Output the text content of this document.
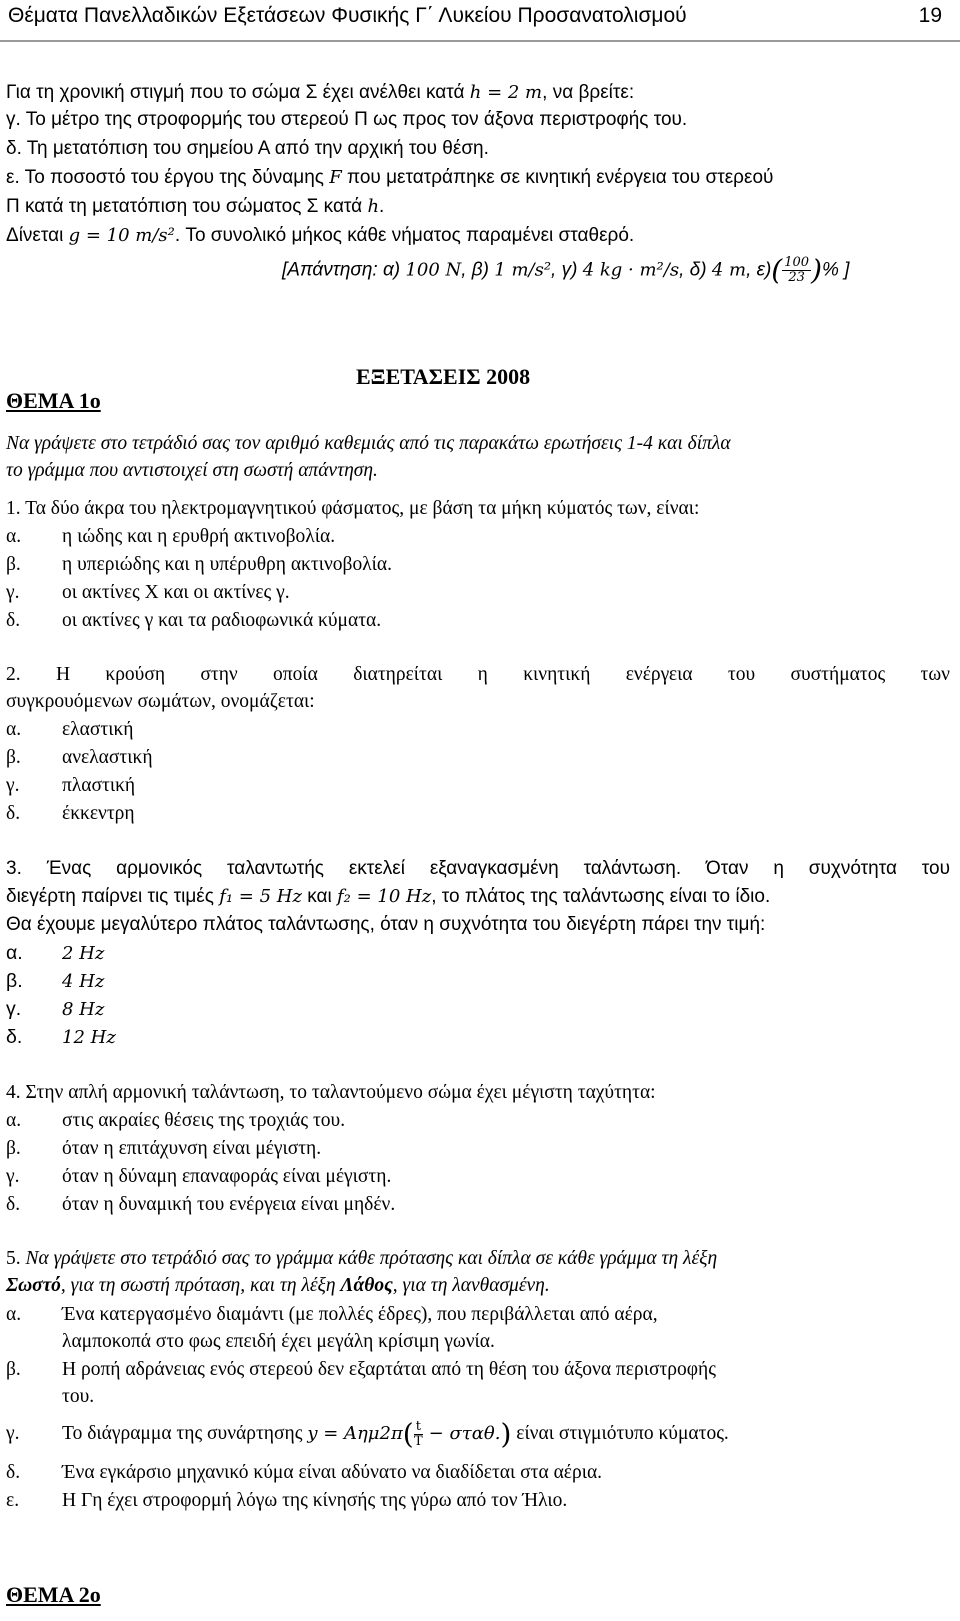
Θέματα Πανελλαδικών Εξετάσεων Φυσικής Γ΄ Λυκείου Προσανατολισμού	19
Για τη χρονική στιγμή που το σώμα Σ έχει ανέλθει κατά h = 2 m, να βρείτε:
γ. Το μέτρο της στροφορμής του στερεού Π ως προς τον άξονα περιστροφής του.
δ. Τη μετατόπιση του σημείου Α από την αρχική του θέση.
ε. Το ποσοστό του έργου της δύναμης F που μετατράπηκε σε κινητική ενέργεια του στερεού
Π κατά τη μετατόπιση του σώματος Σ κατά h.
Δίνεται g = 10 m/s². Το συνολικό μήκος κάθε νήματος παραμένει σταθερό.
[Απάντηση: α) 100 N, β) 1 m/s², γ) 4 kg · m²/s, δ) 4 m, $\varepsilon)( \frac{100}{23}$ )% ]
ΕΞΕΤΑΣΕΙΣ 2008
ΘΕΜΑ 1ο
Να γράψετε στο τετράδιό σας τον αριθμό καθεμιάς από τις παρακάτω ερωτήσεις 1-4 και δίπλα
το γράμμα που αντιστοιχεί στη σωστή απάντηση.
1. Τα δύο άκρα του ηλεκτρομαγνητικού φάσματος, με βάση τα μήκη κύματός των, είναι:
α. η ιώδης και η ερυθρή ακτινοβολία.
β. η υπεριώδης και η υπέρυθρη ακτινοβολία.
γ. οι ακτίνες Χ και οι ακτίνες γ.
δ. οι ακτίνες γ και τα ραδιοφωνικά κύματα.
2. Η κρούση στην οποία διατηρείται η κινητική ενέργεια του συστήματος των
συγκρουόμενων σωμάτων, ονομάζεται:
α. ελαστική
β. ανελαστική
γ. πλαστική
δ. έκκεντρη
3. Ένας αρμονικός ταλαντωτής εκτελεί εξαναγκασμένη ταλάντωση. Όταν η συχνότητα του
διεγέρτη παίρνει τις τιμές f₁ = 5 Hz και f₂ = 10 Hz, το πλάτος της ταλάντωσης είναι το ίδιο.
Θα έχουμε μεγαλύτερο πλάτος ταλάντωσης, όταν η συχνότητα του διεγέρτη πάρει την τιμή:
α. 2 Hz
β. 4 Hz
γ. 8 Hz
δ. 12 Hz
4. Στην απλή αρμονική ταλάντωση, το ταλαντούμενο σώμα έχει μέγιστη ταχύτητα:
α. στις ακραίες θέσεις της τροχιάς του.
β. όταν η επιτάχυνση είναι μέγιστη.
γ. όταν η δύναμη επαναφοράς είναι μέγιστη.
δ. όταν η δυναμική του ενέργεια είναι μηδέν.
5. Να γράψετε στο τετράδιό σας το γράμμα κάθε πρότασης και δίπλα σε κάθε γράμμα τη λέξη
Σωστό, για τη σωστή πρόταση, και τη λέξη Λάθος, για τη λανθασμένη.
α. Ένα κατεργασμένο διαμάντι (με πολλές έδρες), που περιβάλλεται από αέρα,
λαμποκοπά στο φως επειδή έχει μεγάλη κρίσιμη γωνία.
β. Η ροπή αδράνειας ενός στερεού δεν εξαρτάται από τη θέση του άξονα περιστροφής
του.
γ. Το διάγραμμα της συνάρτησης $y = A\eta\mu 2\pi( \frac{t}{T} - \sigma\tau\alpha\theta.)$ είναι στιγμιότυπο κύματος.
δ. Ένα εγκάρσιο μηχανικό κύμα είναι αδύνατο να διαδίδεται στα αέρια.
ε. Η Γη έχει στροφορμή λόγω της κίνησής της γύρω από τον Ήλιο.
ΘΕΜΑ 2ο
